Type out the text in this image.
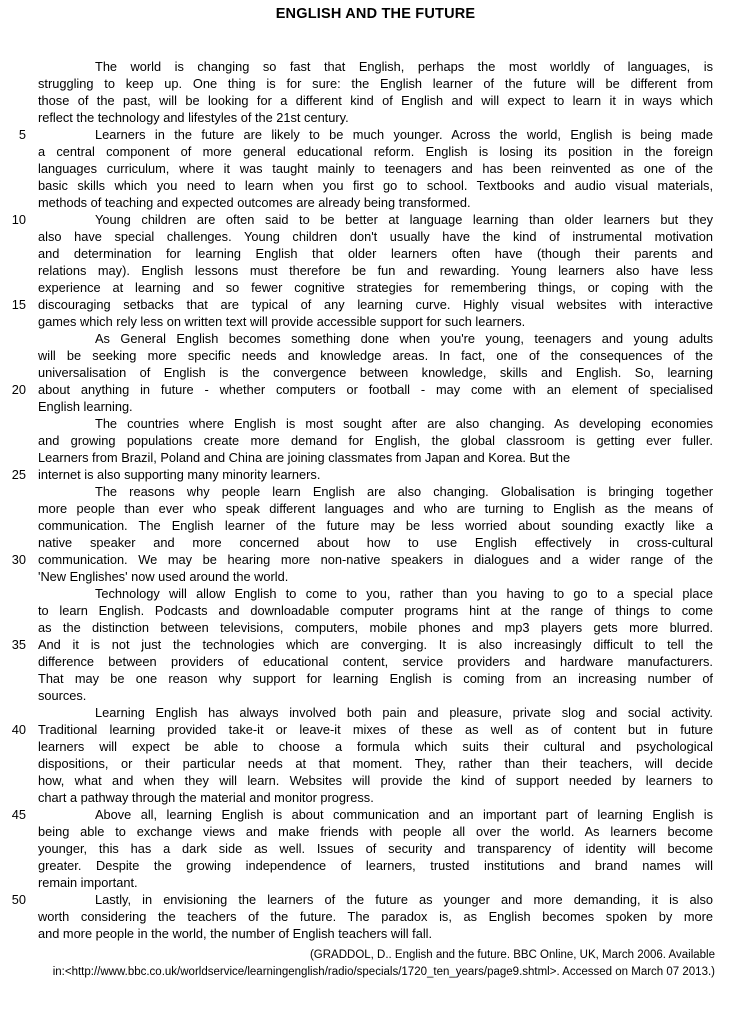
ENGLISH AND THE FUTURE
The world is changing so fast that English, perhaps the most worldly of languages, is
struggling to keep up. One thing is for sure: the English learner of the future will be different from
those of the past, will be looking for a different kind of English and will expect to learn it in ways which
reflect the technology and lifestyles of the 21st century.
5	Learners in the future are likely to be much younger. Across the world, English is being made
a central component of more general educational reform. English is losing its position in the foreign
languages curriculum, where it was taught mainly to teenagers and has been reinvented as one of the
basic skills which you need to learn when you first go to school. Textbooks and audio visual materials,
methods of teaching and expected outcomes are already being transformed.
10	Young children are often said to be better at language learning than older learners but they
also have special challenges. Young children don't usually have the kind of instrumental motivation
and determination for learning English that older learners often have (though their parents and
relations may). English lessons must therefore be fun and rewarding. Young learners also have less
experience at learning and so fewer cognitive strategies for remembering things, or coping with the
15 discouraging setbacks that are typical of any learning curve. Highly visual websites with interactive
games which rely less on written text will provide accessible support for such learners.
As General English becomes something done when you're young, teenagers and young adults
will be seeking more specific needs and knowledge areas. In fact, one of the consequences of the
universalisation of English is the convergence between knowledge, skills and English. So, learning
20 about anything in future - whether computers or football - may come with an element of specialised
English learning.
The countries where English is most sought after are also changing. As developing economies
and growing populations create more demand for English, the global classroom is getting ever fuller.
Learners from Brazil, Poland and China are joining classmates from Japan and Korea. But the
25 internet is also supporting many minority learners.
The reasons why people learn English are also changing. Globalisation is bringing together
more people than ever who speak different languages and who are turning to English as the means of
communication. The English learner of the future may be less worried about sounding exactly like a
native speaker and more concerned about how to use English effectively in cross-cultural
30 communication. We may be hearing more non-native speakers in dialogues and a wider range of the
'New Englishes' now used around the world.
Technology will allow English to come to you, rather than you having to go to a special place
to learn English. Podcasts and downloadable computer programs hint at the range of things to come
as the distinction between televisions, computers, mobile phones and mp3 players gets more blurred.
35 And it is not just the technologies which are converging. It is also increasingly difficult to tell the
difference between providers of educational content, service providers and hardware manufacturers.
That may be one reason why support for learning English is coming from an increasing number of
sources.
Learning English has always involved both pain and pleasure, private slog and social activity.
40 Traditional learning provided take-it or leave-it mixes of these as well as of content but in future
learners will expect be able to choose a formula which suits their cultural and psychological
dispositions, or their particular needs at that moment. They, rather than their teachers, will decide
how, what and when they will learn. Websites will provide the kind of support needed by learners to
chart a pathway through the material and monitor progress.
45	Above all, learning English is about communication and an important part of learning English is
being able to exchange views and make friends with people all over the world. As learners become
younger, this has a dark side as well. Issues of security and transparency of identity will become
greater. Despite the growing independence of learners, trusted institutions and brand names will
remain important.
50	Lastly, in envisioning the learners of the future as younger and more demanding, it is also
worth considering the teachers of the future. The paradox is, as English becomes spoken by more
and more people in the world, the number of English teachers will fall.
(GRADDOL, D.. English and the future. BBC Online, UK, March 2006. Available
in:<http://www.bbc.co.uk/worldservice/learningenglish/radio/specials/1720_ten_years/page9.shtml>. Accessed on March 07 2013.)
